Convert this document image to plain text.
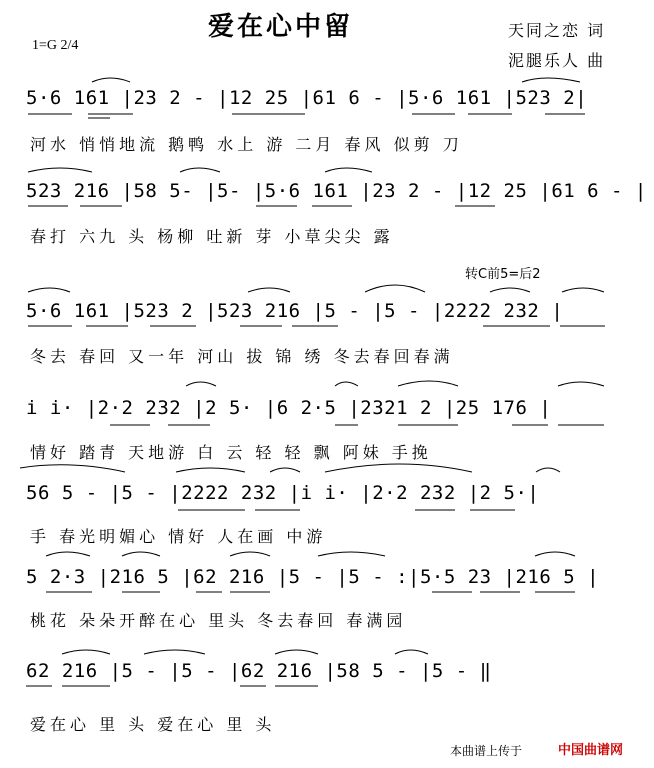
爱在心中留
1=G 2/4
天同之恋 词
泥腿乐人 曲
5·6 161 |23 2 - |12 25 |61 6 - |5·6 161 |523 2|
河水 悄悄地流 鹅鸭 水上 游 二月 春风 似剪 刀
523 216 |58 5- |5- |5·6 161 |23 2 - |12 25 |61 6 - |
春打 六九 头 杨柳 吐新 芽 小草尖尖 露
转C前5=后2
5·6 161 |523 2 |523 216 |5 - |5 - |2222 232 |
冬去 春回 又一年 河山 拔 锦 绣 冬去春回春满
i i· |2·2 232 |2 5· |6 2·5 |2321 2 |25 176 |
情好 踏青 天地游 白 云 轻 轻 飘 阿妹 手挽
56 5 - |5 - |2222 232 |i i· |2·2 232 |2 5·|
手 春光明媚心 情好 人在画 中游
5 2·3 |216 5 |62 216 |5 - |5 - :|5·5 23 |216 5 |
桃花 朵朵开醉在心 里头 冬去春回 春满园
62 216 |5 - |5 - |62 216 |58 5 - |5 - ‖
爱在心 里 头 爱在心 里 头
本曲谱上传于	中国曲谱网
